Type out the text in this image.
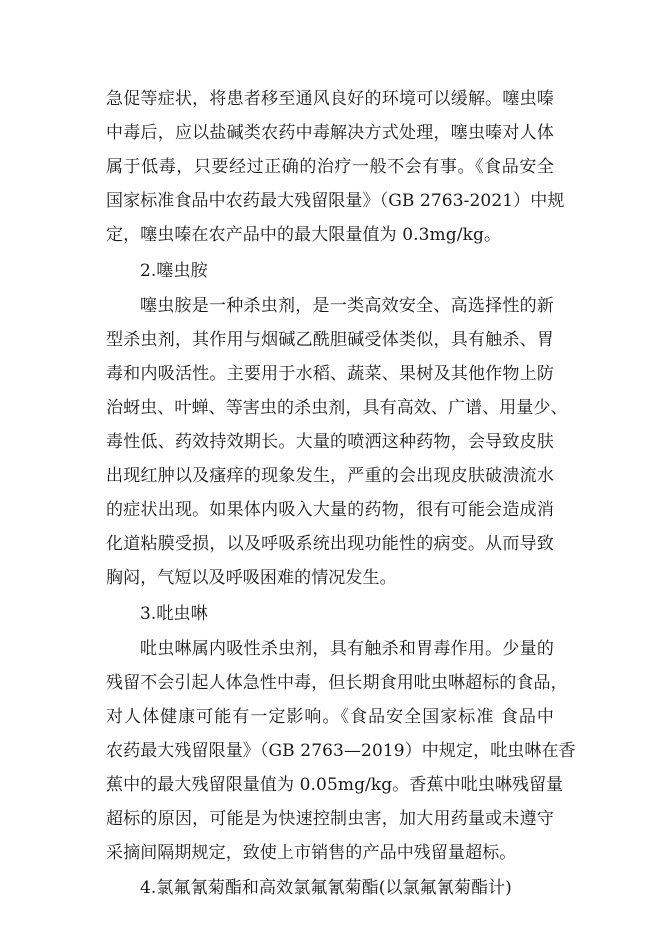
急促等症状，将患者移至通风良好的环境可以缓解。噻虫嗪
中毒后，应以盐碱类农药中毒解决方式处理，噻虫嗪对人体
属于低毒，只要经过正确的治疗一般不会有事。《食品安全
国家标准食品中农药最大残留限量》（GB 2763-2021）中规
定，噻虫嗪在农产品中的最大限量值为 0.3mg/kg。
2.噻虫胺
噻虫胺是一种杀虫剂，是一类高效安全、高选择性的新
型杀虫剂，其作用与烟碱乙酰胆碱受体类似，具有触杀、胃
毒和内吸活性。主要用于水稻、蔬菜、果树及其他作物上防
治蚜虫、叶蝉、等害虫的杀虫剂，具有高效、广谱、用量少、
毒性低、药效持效期长。大量的喷洒这种药物，会导致皮肤
出现红肿以及瘙痒的现象发生，严重的会出现皮肤破溃流水
的症状出现。如果体内吸入大量的药物，很有可能会造成消
化道粘膜受损，以及呼吸系统出现功能性的病变。从而导致
胸闷，气短以及呼吸困难的情况发生。
3.吡虫啉
吡虫啉属内吸性杀虫剂，具有触杀和胃毒作用。少量的
残留不会引起人体急性中毒，但长期食用吡虫啉超标的食品，
对人体健康可能有一定影响。《食品安全国家标准 食品中
农药最大残留限量》（GB 2763—2019）中规定，吡虫啉在香
蕉中的最大残留限量值为 0.05mg/kg。香蕉中吡虫啉残留量
超标的原因，可能是为快速控制虫害，加大用药量或未遵守
采摘间隔期规定，致使上市销售的产品中残留量超标。
4.氯氟氰菊酯和高效氯氟氰菊酯(以氯氟氰菊酯计)
